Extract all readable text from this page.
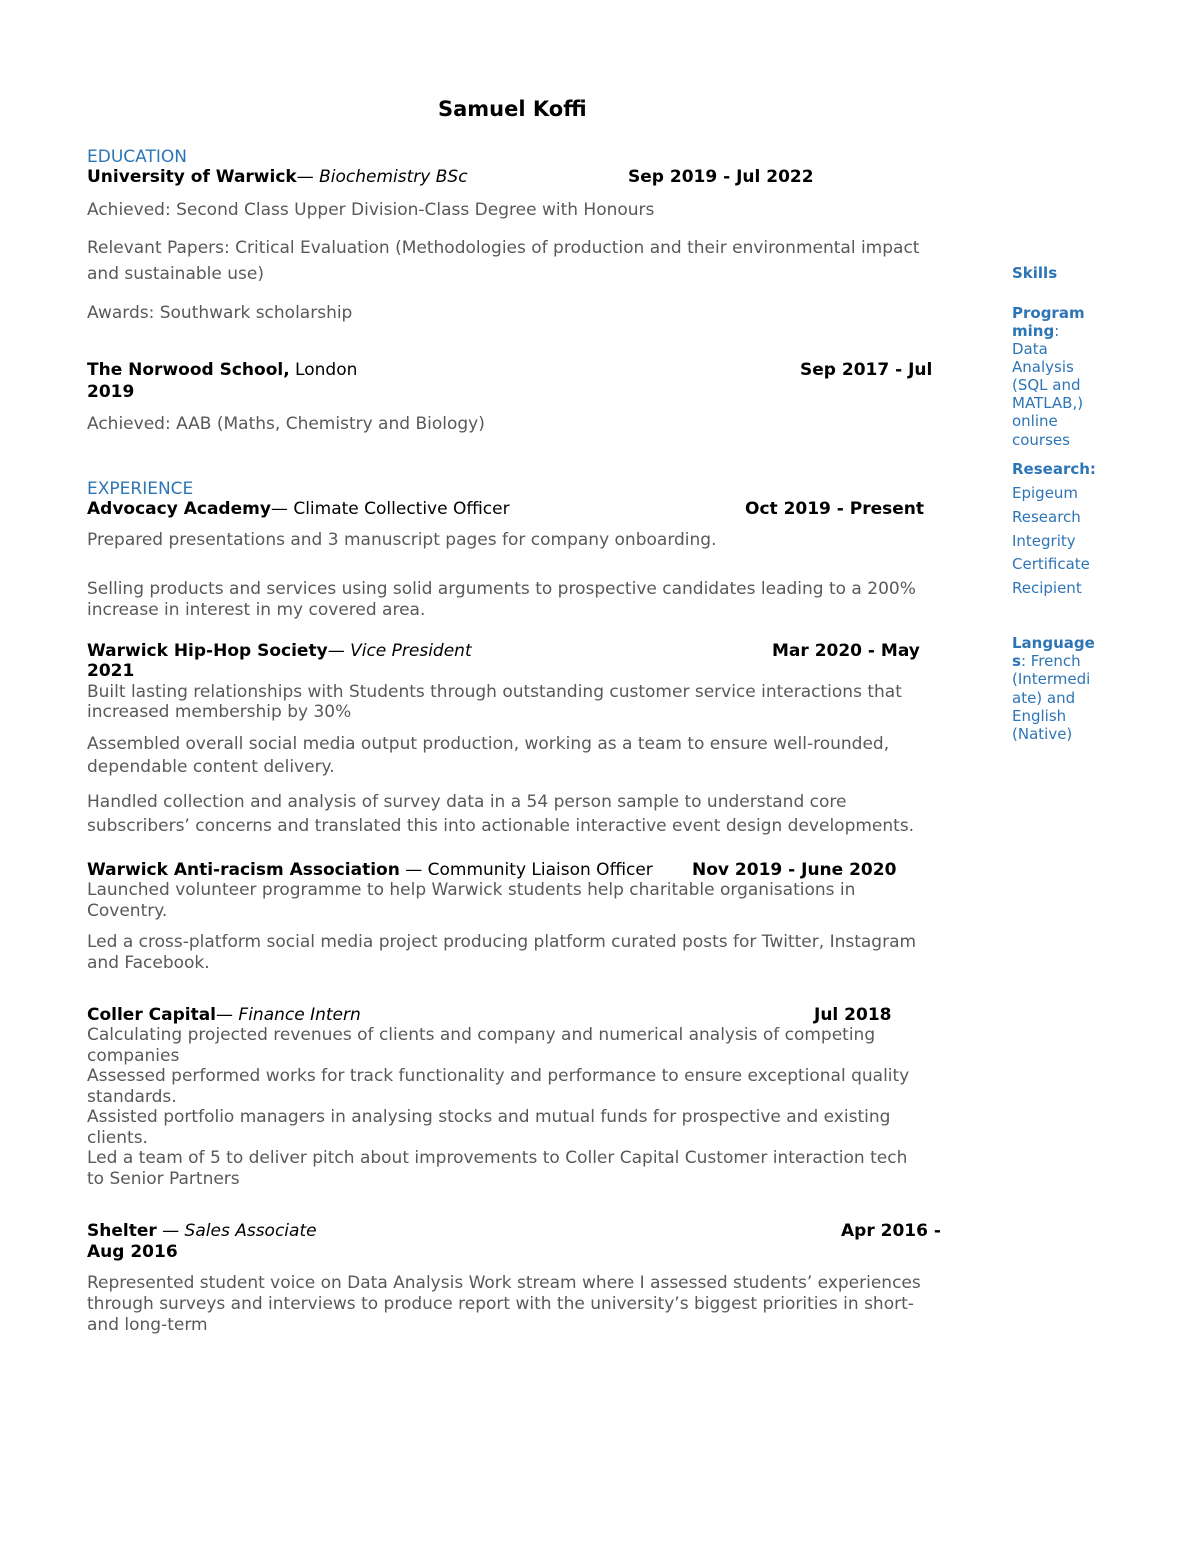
Samuel Koffi
EDUCATION
University of Warwick— Biochemistry BSc	Sep 2019 - Jul 2022
Achieved: Second Class Upper Division-Class Degree with Honours
Relevant Papers: Critical Evaluation (Methodologies of production and their environmental impact
and sustainable use)
Awards: Southwark scholarship
The Norwood School, London	Sep 2017 - Jul
2019
Achieved: AAB (Maths, Chemistry and Biology)
EXPERIENCE
Advocacy Academy— Climate Collective Officer	Oct 2019 - Present
Prepared presentations and 3 manuscript pages for company onboarding.
Selling products and services using solid arguments to prospective candidates leading to a 200%
increase in interest in my covered area.
Warwick Hip-Hop Society— Vice President	Mar 2020 - May
2021
Built lasting relationships with Students through outstanding customer service interactions that
increased membership by 30%
Assembled overall social media output production, working as a team to ensure well-rounded,
dependable content delivery.
Handled collection and analysis of survey data in a 54 person sample to understand core
subscribers’ concerns and translated this into actionable interactive event design developments.
Warwick Anti-racism Association — Community Liaison Officer Nov 2019 - June 2020
Launched volunteer programme to help Warwick students help charitable organisations in
Coventry.
Led a cross-platform social media project producing platform curated posts for Twitter, Instagram
and Facebook.
Coller Capital— Finance Intern	Jul 2018
Calculating projected revenues of clients and company and numerical analysis of competing
companies
Assessed performed works for track functionality and performance to ensure exceptional quality
standards.
Assisted portfolio managers in analysing stocks and mutual funds for prospective and existing
clients.
Led a team of 5 to deliver pitch about improvements to Coller Capital Customer interaction tech
to Senior Partners
Shelter — Sales Associate	Apr 2016 -
Aug 2016
Represented student voice on Data Analysis Work stream where I assessed students’ experiences
through surveys and interviews to produce report with the university’s biggest priorities in short-
and long-term
Skills
Program
ming:
Data
Analysis
(SQL and
MATLAB,)
online
courses
Research:
Epigeum
Research
Integrity
Certificate
Recipient
Language
s: French
(Intermedi
ate) and
English
(Native)
